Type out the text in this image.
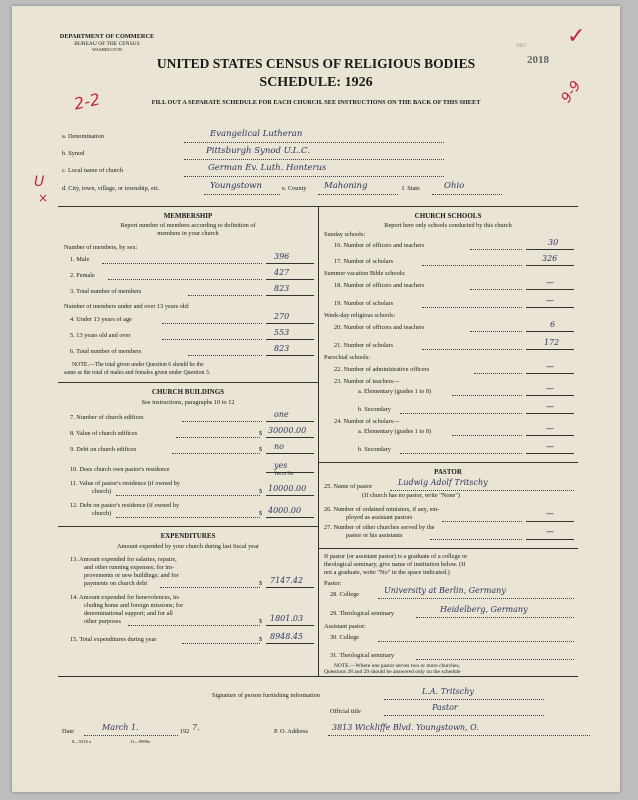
DEPARTMENT OF COMMERCE
BUREAU OF THE CENSUS
WASHINGTON
UNITED STATES CENSUS OF RELIGIOUS BODIES
SCHEDULE: 1926
FILL OUT A SEPARATE SCHEDULE FOR EACH CHURCH. SEE INSTRUCTIONS ON THE BACK OF THIS SHEET
1927
2018
✓
2-2	9-9
a. Denomination	Evangelical Lutheran
b. Synod	Pittsburgh Synod U.L.C.
c. Local name of church	German Ev. Luth. Honterus
d. City, town, village, or township, etc.	Youngstown	e. County Mahoning	f. State	Ohio
U
×
MEMBERSHIP
Report number of members according to definition of
members in your church
Number of members, by sex:
1. Male	396
2. Female	427
3. Total number of members	823
Number of members under and over 13 years old:
4. Under 13 years of age	270
5. 13 years old and over	553
6. Total number of members	823
NOTE.—The total given under Question 6 should be the
same as the total of males and females given under Question 3.
CHURCH BUILDINGS
See instructions, paragraphs 10 to 12
7. Number of church edifices	one
8. Value of church edifices	$ 30000.00
9. Debt on church edifices	$ no
10. Does church own pastor's residence	yes
Yes or No
11. Value of pastor's residence (if owned by
church)	$ 10000.00
12. Debt on pastor's residence (if owned by
church)	$ 4000.00
EXPENDITURES
Amount expended by your church during last fiscal year
13. Amount expended for salaries, repairs,
and other running expenses; for im-
provements or new buildings; and for
payments on church debt	$ 7147.42
14. Amount expended for benevolences, in-
cluding home and foreign missions; for
denominational support; and for all
other purposes	$ 1801.03
15. Total expenditures during year	$ 8948.45
CHURCH SCHOOLS
Report here only schools conducted by this church
Sunday schools:
16. Number of officers and teachers	30
17. Number of scholars	326
Summer vacation Bible schools:
18. Number of officers and teachers	—
19. Number of scholars	—
Week-day religious schools:
20. Number of officers and teachers	6
21. Number of scholars	172
Parochial schools:
22. Number of administrative officers	—
23. Number of teachers—
a. Elementary (grades 1 to 8)	—
b. Secondary	—
24. Number of scholars—
a. Elementary (grades 1 to 8)	—
b. Secondary	—
PASTOR
25. Name of pastor	Ludwig Adolf Tritschy
(If church has no pastor, write "None")
26. Number of ordained ministers, if any, em-
ployed as assistant pastors	—
27. Number of other churches served by the
pastor or his assistants	—
If pastor (or assistant pastor) is a graduate of a college or
theological seminary, give name of institution below. (If
not a graduate, write "No" in the space indicated.)
Pastor:
28. College	University at Berlin, Germany
29. Theological seminary	Heidelberg, Germany
Assistant pastor:
30. College
31. Theological seminary
NOTE.—Where one pastor serves two or more churches,
Questions 28 and 29 should be answered only on the schedule
Signature of person furnishing information	L.A. Tritschy
Official title	Pastor
Date	March 1.	192 7.	P. O. Address	3813 Wickliffe Blvd. Youngstown, O.
8—5518 a	11—9088a
